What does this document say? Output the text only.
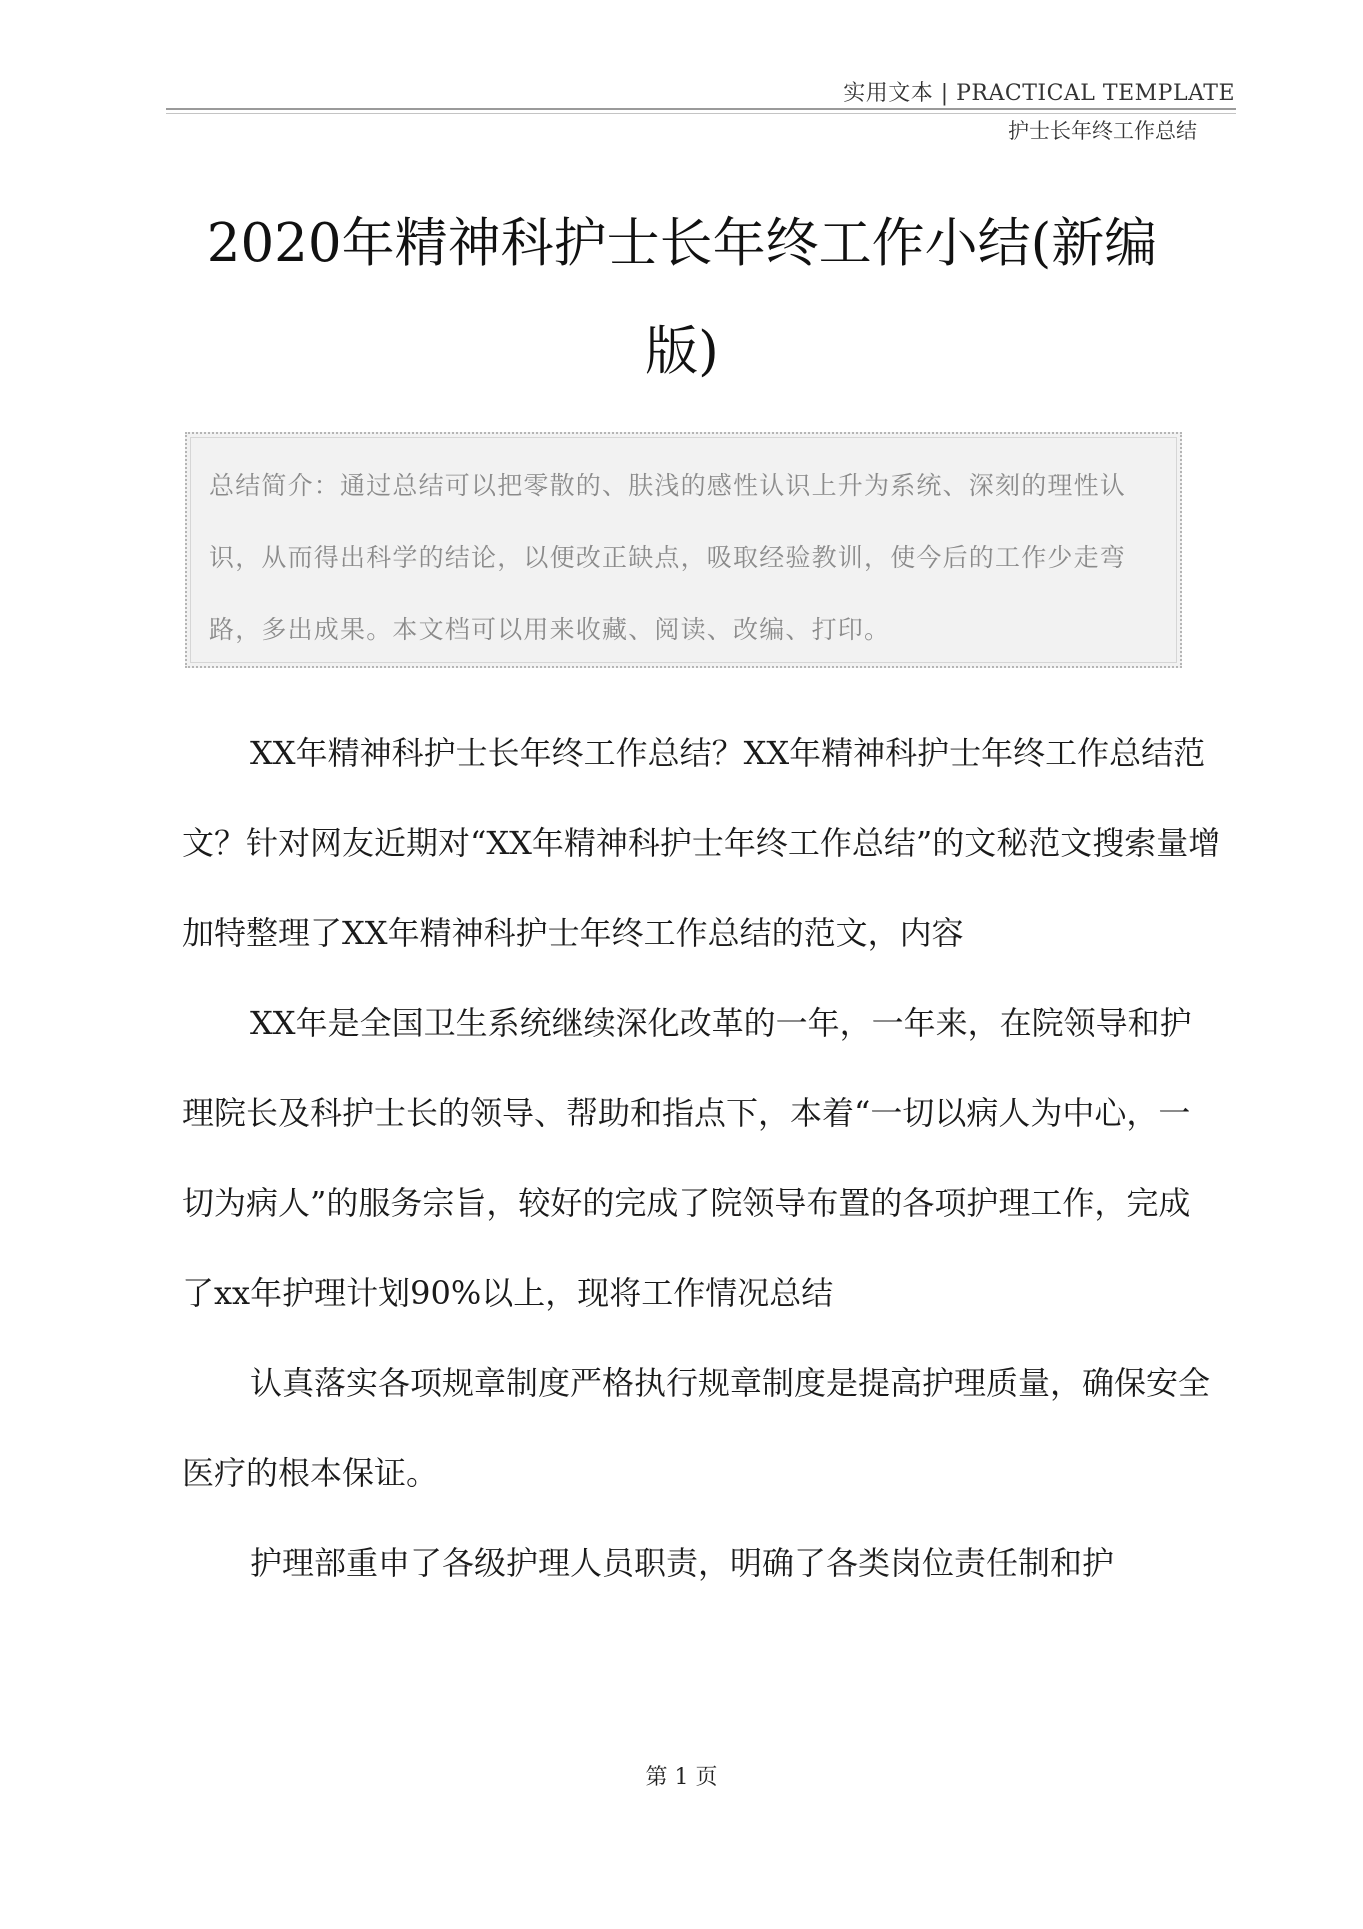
实用文本 | PRACTICAL TEMPLATE
护士长年终工作总结
2020年精神科护士长年终工作小结(新编版)

总结简介：通过总结可以把零散的、肤浅的感性认识上升为系统、深刻的理性认识，从而得出科学的结论，以便改正缺点，吸取经验教训，使今后的工作少走弯路，多出成果。本文档可以用来收藏、阅读、改编、打印。

XX年精神科护士长年终工作总结？XX年精神科护士年终工作总结范文？针对网友近期对“XX年精神科护士年终工作总结”的文秘范文搜索量增加特整理了XX年精神科护士年终工作总结的范文，内容

XX年是全国卫生系统继续深化改革的一年，一年来，在院领导和护理院长及科护士长的领导、帮助和指点下，本着“一切以病人为中心，一切为病人”的服务宗旨，较好的完成了院领导布置的各项护理工作，完成了xx年护理计划90%以上，现将工作情况总结

认真落实各项规章制度严格执行规章制度是提高护理质量，确保安全医疗的根本保证。

护理部重申了各级护理人员职责，明确了各类岗位责任制和护

第 1 页
